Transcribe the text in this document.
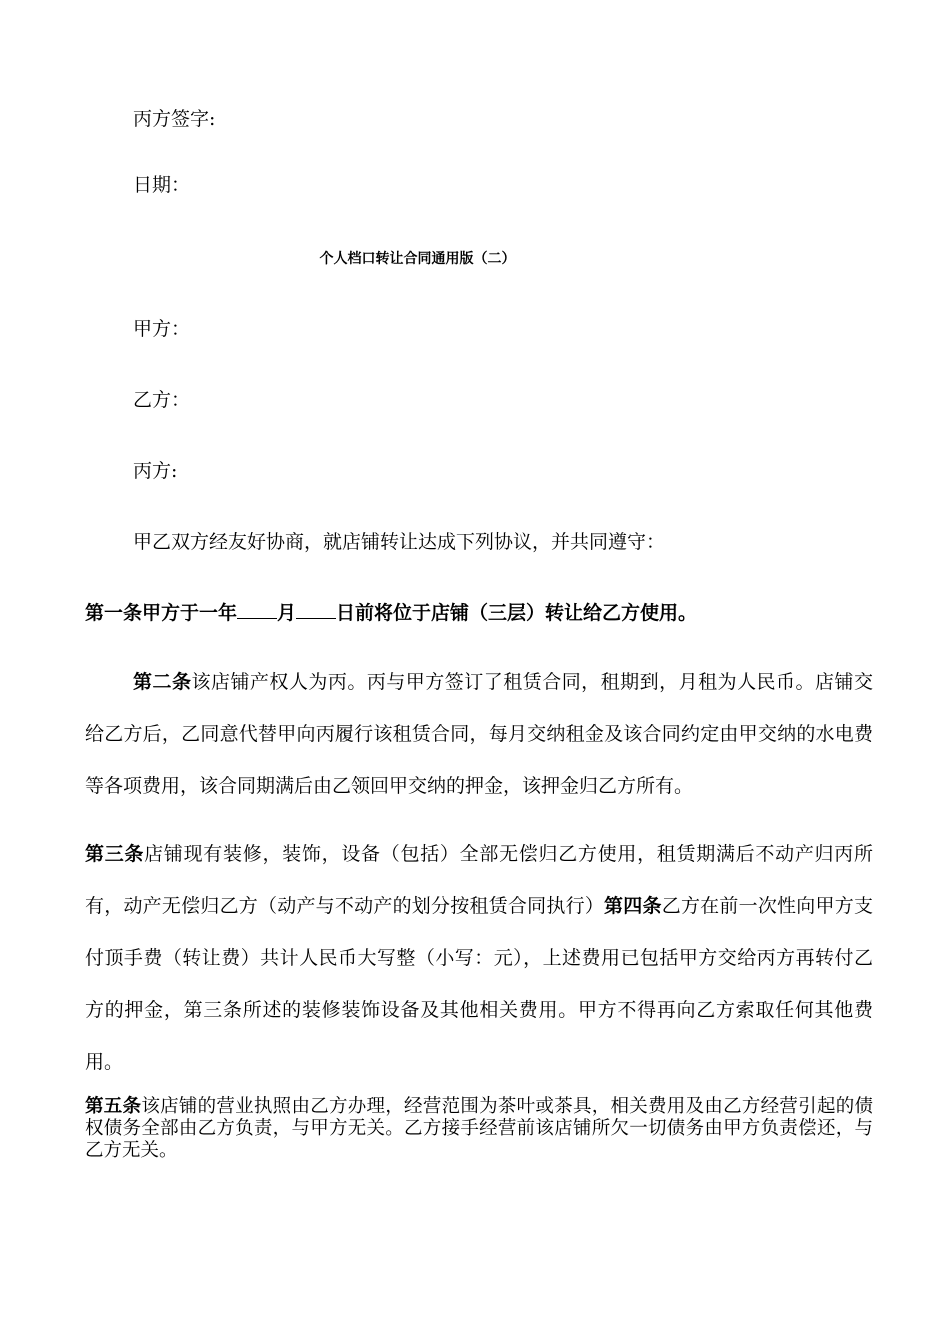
丙方签字:
日期：
个人档口转让合同通用版（二）
甲方：
乙方：
丙方:
甲乙双方经友好协商，就店铺转让达成下列协议，并共同遵守：
第一条甲方于一年 月 日前将位于店铺（三层）转让给乙方使用。
第二条该店铺产权人为丙。丙与甲方签订了租赁合同，租期到，月租为人民币。店铺交给乙方后，乙同意代替甲向丙履行该租赁合同，每月交纳租金及该合同约定由甲交纳的水电费等各项费用，该合同期满后由乙领回甲交纳的押金，该押金归乙方所有。
第三条店铺现有装修，装饰，设备（包括）全部无偿归乙方使用，租赁期满后不动产归丙所有，动产无偿归乙方（动产与不动产的划分按租赁合同执行）第四条乙方在前一次性向甲方支付顶手费（转让费）共计人民币大写整（小写：元），上述费用已包括甲方交给丙方再转付乙方的押金，第三条所述的装修装饰设备及其他相关费用。甲方不得再向乙方索取任何其他费用。
第五条该店铺的营业执照由乙方办理，经营范围为茶叶或茶具，相关费用及由乙方经营引起的债权债务全部由乙方负责，与甲方无关。乙方接手经营前该店铺所欠一切债务由甲方负责偿还，与乙方无关。
